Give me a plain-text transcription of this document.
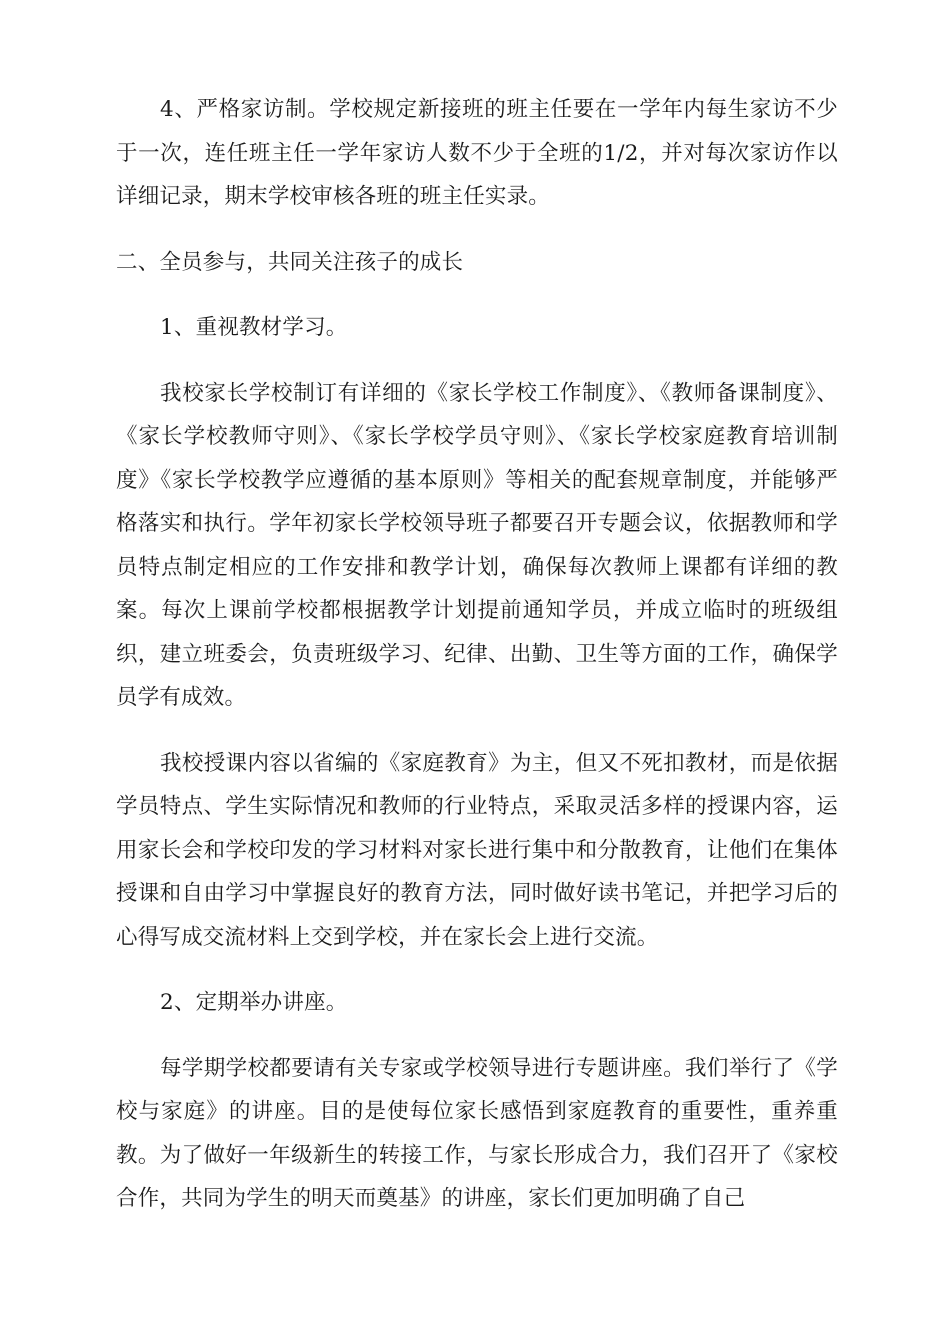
4、严格家访制。学校规定新接班的班主任要在一学年内每生家访不少于一次，连任班主任一学年家访人数不少于全班的1/2，并对每次家访作以详细记录，期末学校审核各班的班主任实录。

二、全员参与，共同关注孩子的成长

1、重视教材学习。

我校家长学校制订有详细的《家长学校工作制度》、《教师备课制度》、《家长学校教师守则》、《家长学校学员守则》、《家长学校家庭教育培训制度》《家长学校教学应遵循的基本原则》等相关的配套规章制度，并能够严格落实和执行。学年初家长学校领导班子都要召开专题会议，依据教师和学员特点制定相应的工作安排和教学计划，确保每次教师上课都有详细的教案。每次上课前学校都根据教学计划提前通知学员，并成立临时的班级组织，建立班委会，负责班级学习、纪律、出勤、卫生等方面的工作，确保学员学有成效。

我校授课内容以省编的《家庭教育》为主，但又不死扣教材，而是依据学员特点、学生实际情况和教师的行业特点，采取灵活多样的授课内容，运用家长会和学校印发的学习材料对家长进行集中和分散教育，让他们在集体授课和自由学习中掌握良好的教育方法，同时做好读书笔记，并把学习后的心得写成交流材料上交到学校，并在家长会上进行交流。

2、定期举办讲座。

每学期学校都要请有关专家或学校领导进行专题讲座。我们举行了《学校与家庭》的讲座。目的是使每位家长感悟到家庭教育的重要性，重养重教。为了做好一年级新生的转接工作，与家长形成合力，我们召开了《家校合作，共同为学生的明天而奠基》的讲座，家长们更加明确了自己
